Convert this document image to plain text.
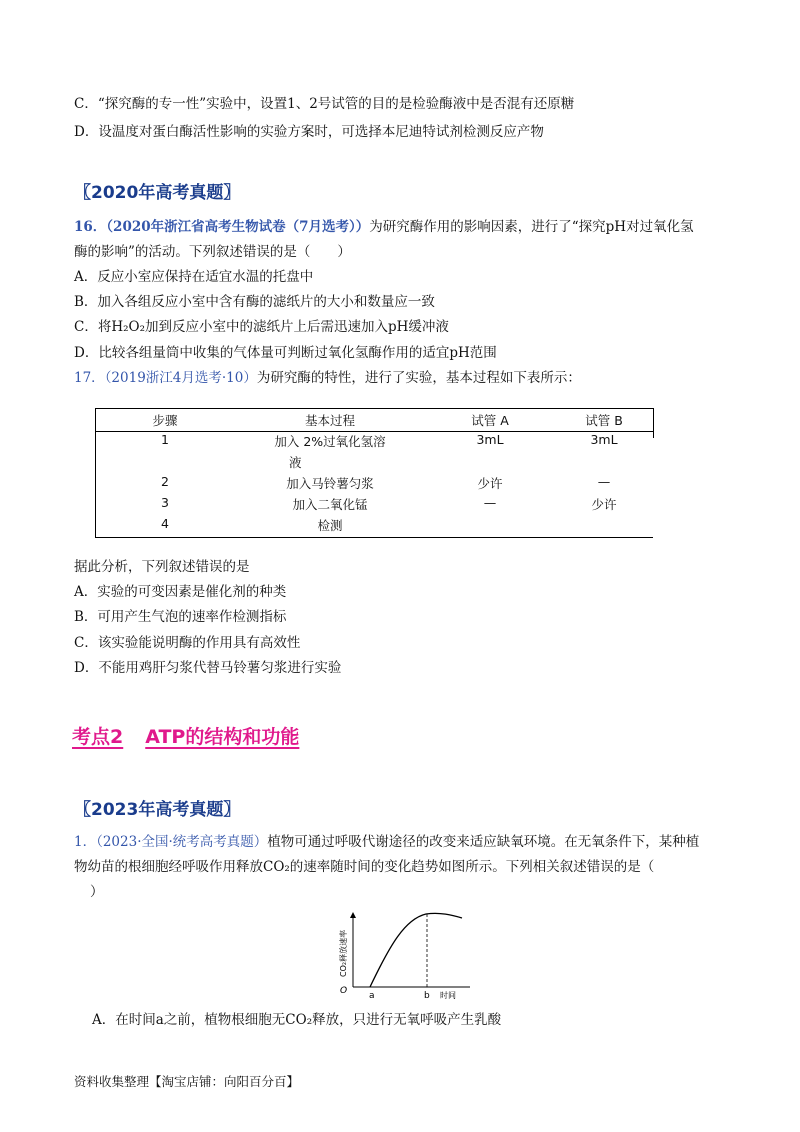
C．“探究酶的专一性”实验中，设置1、2号试管的目的是检验酶液中是否混有还原糖
D．设温度对蛋白酶活性影响的实验方案时，可选择本尼迪特试剂检测反应产物
〖2020年高考真题〗
16．（2020年浙江省高考生物试卷（7月选考））为研究酶作用的影响因素，进行了“探究pH对过氧化氢
酶的影响”的活动。下列叙述错误的是（　　）
A．反应小室应保持在适宜水温的托盘中
B．加入各组反应小室中含有酶的滤纸片的大小和数量应一致
C．将H₂O₂加到反应小室中的滤纸片上后需迅速加入pH缓冲液
D．比较各组量筒中收集的气体量可判断过氧化氢酶作用的适宜pH范围
17．（2019浙江4月选考·10）为研究酶的特性，进行了实验，基本过程如下表所示：
步骤	基本过程	试管 A	试管 B
1	加入 2%过氧化氢溶	3mL	3mL
	液		
2	加入马铃薯匀浆	少许	—
3	加入二氧化锰	—	少许
4	检测		
据此分析，下列叙述错误的是
A．实验的可变因素是催化剂的种类
B．可用产生气泡的速率作检测指标
C．该实验能说明酶的作用具有高效性
D．不能用鸡肝匀浆代替马铃薯匀浆进行实验
考点2 ATP的结构和功能
〖2023年高考真题〗
1．（2023·全国·统考高考真题）植物可通过呼吸代谢途径的改变来适应缺氧环境。在无氧条件下，某种植
物幼苗的根细胞经呼吸作用释放CO₂的速率随时间的变化趋势如图所示。下列相关叙述错误的是（
）
CO₂释放速率
O a	b 时间
A．在时间a之前，植物根细胞无CO₂释放，只进行无氧呼吸产生乳酸
资料收集整理【淘宝店铺：向阳百分百】
